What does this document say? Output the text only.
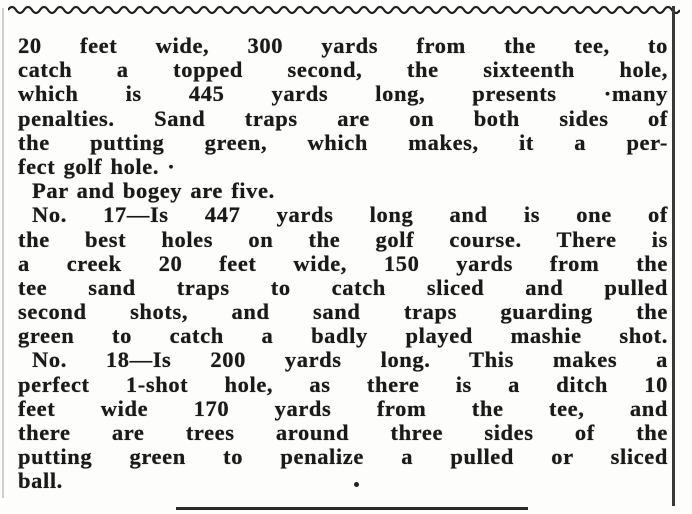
20 feet wide, 300 yards from the tee, to
catch a topped second, the sixteenth hole,
which is 445 yards long, presents ·many
penalties. Sand traps are on both sides of
the putting green, which makes, it a per-
fect golf hole. ·
Par and bogey are five.
No. 17—Is 447 yards long and is one of
the best holes on the golf course. There is
a creek 20 feet wide, 150 yards from the
tee sand traps to catch sliced and pulled
second shots, and sand traps guarding the
green to catch a badly played mashie shot.
No. 18—Is 200 yards long. This makes a
perfect 1-shot hole, as there is a ditch 10
feet wide 170 yards from the tee, and
there are trees around three sides of the
putting green to penalize a pulled or sliced
ball.
